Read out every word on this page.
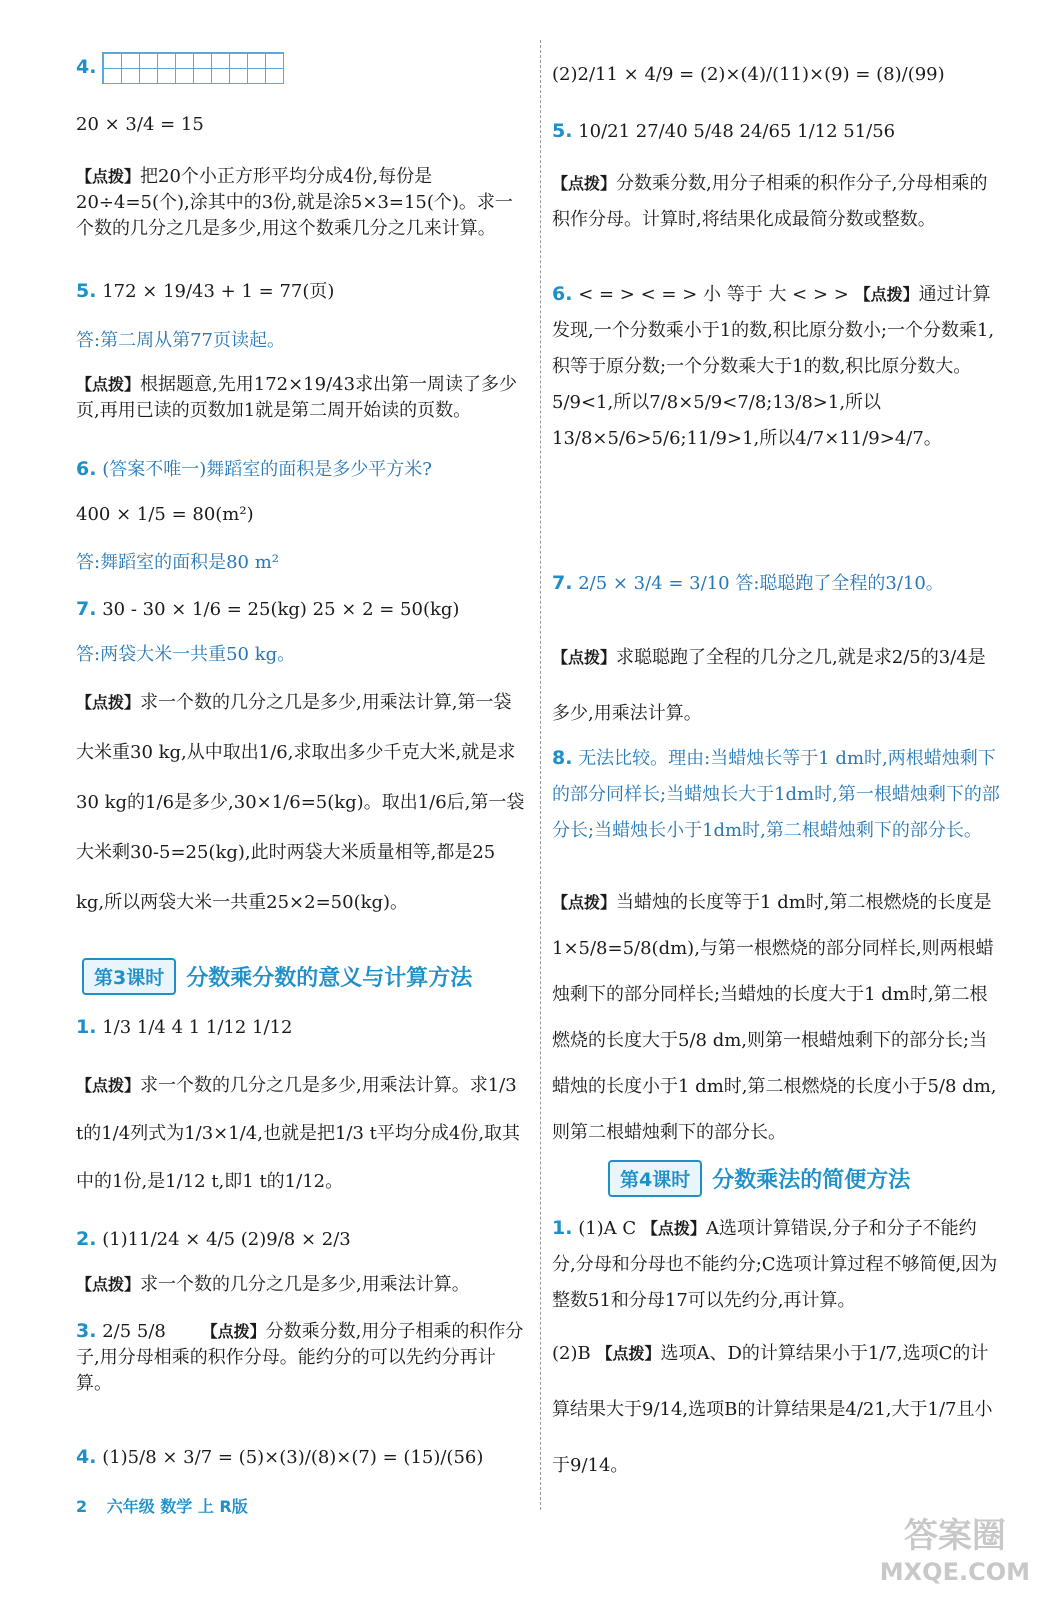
4.
20 × 3/4 = 15
【点拨】把20个小正方形平均分成4份,每份是20÷4=5(个),涂其中的3份,就是涂5×3=15(个)。求一个数的几分之几是多少,用这个数乘几分之几来计算。
5. 172 × 19/43 + 1 = 77(页)
答:第二周从第77页读起。
【点拨】根据题意,先用172×19/43求出第一周读了多少页,再用已读的页数加1就是第二周开始读的页数。
6. (答案不唯一)舞蹈室的面积是多少平方米?
400 × 1/5 = 80(m²)
答:舞蹈室的面积是80 m²
7. 30 - 30 × 1/6 = 25(kg) 25 × 2 = 50(kg)
答:两袋大米一共重50 kg。
【点拨】求一个数的几分之几是多少,用乘法计算,第一袋大米重30 kg,从中取出1/6,求取出多少千克大米,就是求30 kg的1/6是多少,30×1/6=5(kg)。取出1/6后,第一袋大米剩30-5=25(kg),此时两袋大米质量相等,都是25 kg,所以两袋大米一共重25×2=50(kg)。
第3课时	分数乘分数的意义与计算方法
1. 1/3 1/4 4 1 1/12 1/12
【点拨】求一个数的几分之几是多少,用乘法计算。求1/3 t的1/4列式为1/3×1/4,也就是把1/3 t平均分成4份,取其中的1份,是1/12 t,即1 t的1/12。
2. (1)11/24 × 4/5 (2)9/8 × 2/3
【点拨】求一个数的几分之几是多少,用乘法计算。
3. 2/5 5/8 【点拨】分数乘分数,用分子相乘的积作分子,用分母相乘的积作分母。能约分的可以先约分再计算。
4. (1)5/8 × 3/7 = (5)×(3)/(8)×(7) = (15)/(56)
(2)2/11 × 4/9 = (2)×(4)/(11)×(9) = (8)/(99)
5. 10/21 27/40 5/48 24/65 1/12 51/56
【点拨】分数乘分数,用分子相乘的积作分子,分母相乘的积作分母。计算时,将结果化成最简分数或整数。
6. < = > < = > 小 等于 大 < > > 【点拨】通过计算发现,一个分数乘小于1的数,积比原分数小;一个分数乘1,积等于原分数;一个分数乘大于1的数,积比原分数大。5/9<1,所以7/8×5/9<7/8;13/8>1,所以13/8×5/6>5/6;11/9>1,所以4/7×11/9>4/7。
7. 2/5 × 3/4 = 3/10 答:聪聪跑了全程的3/10。
【点拨】求聪聪跑了全程的几分之几,就是求2/5的3/4是多少,用乘法计算。
8. 无法比较。理由:当蜡烛长等于1 dm时,两根蜡烛剩下的部分同样长;当蜡烛长大于1dm时,第一根蜡烛剩下的部分长;当蜡烛长小于1dm时,第二根蜡烛剩下的部分长。
【点拨】当蜡烛的长度等于1 dm时,第二根燃烧的长度是1×5/8=5/8(dm),与第一根燃烧的部分同样长,则两根蜡烛剩下的部分同样长;当蜡烛的长度大于1 dm时,第二根燃烧的长度大于5/8 dm,则第一根蜡烛剩下的部分长;当蜡烛的长度小于1 dm时,第二根燃烧的长度小于5/8 dm,则第二根蜡烛剩下的部分长。
第4课时	分数乘法的简便方法
1. (1)A C 【点拨】A选项计算错误,分子和分子不能约分,分母和分母也不能约分;C选项计算过程不够简便,因为整数51和分母17可以先约分,再计算。
(2)B 【点拨】选项A、D的计算结果小于1/7,选项C的计算结果大于9/14,选项B的计算结果是4/21,大于1/7且小于9/14。
2 六年级 数学 上 R版
答案圈
MXQE.COM
